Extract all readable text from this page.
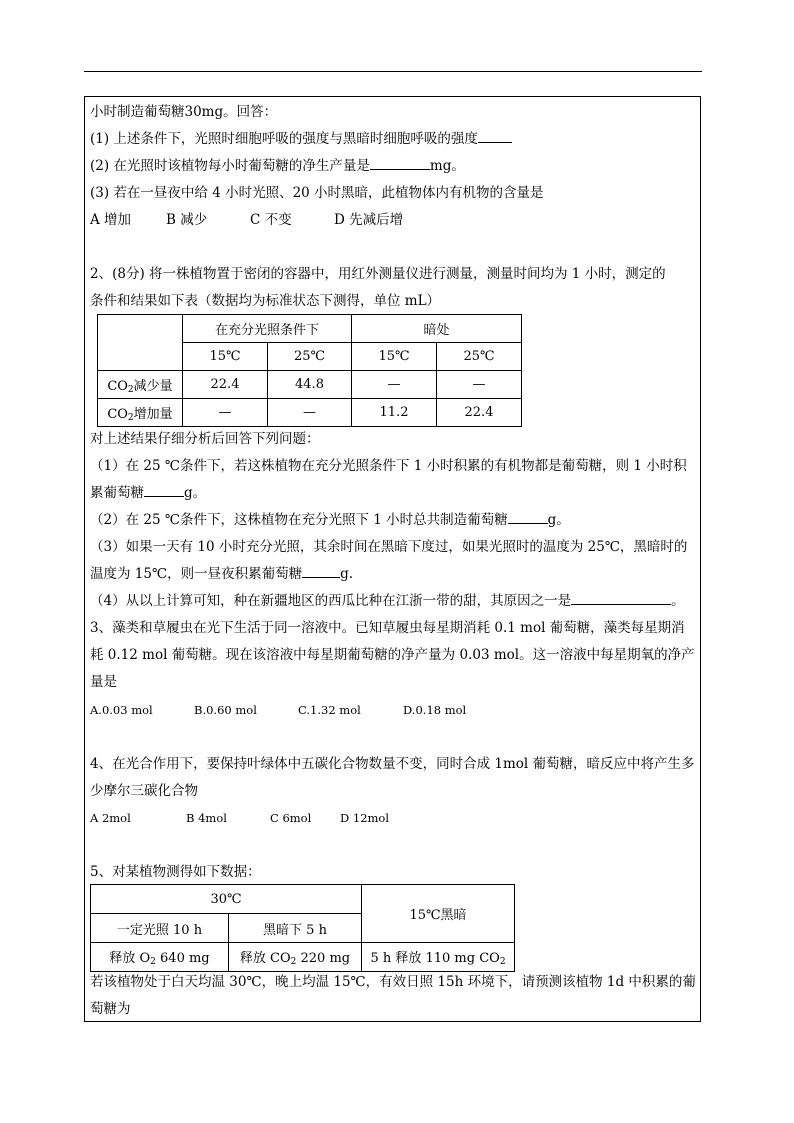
小时制造葡萄糖30mg。回答：
(1) 上述条件下，光照时细胞呼吸的强度与黑暗时细胞呼吸的强度
(2) 在光照时该植物每小时葡萄糖的净生产量是	mg。
(3) 若在一昼夜中给 4 小时光照、20 小时黑暗，此植物体内有机物的含量是
A 增加	B 减少	C 不变	D 先减后增
2、(8分) 将一株植物置于密闭的容器中，用红外测量仪进行测量，测量时间均为 1 小时，测定的
条件和结果如下表（数据均为标准状态下测得，单位 mL）
	在充分光照条件下		暗处	
	15℃	25℃	15℃	25℃
$CO_2$减少量	22.4	44.8	—	—
$CO_2$增加量	—	—	11.2	22.4
对上述结果仔细分析后回答下列问题：
（1）在 25 ℃条件下，若这株植物在充分光照条件下 1 小时积累的有机物都是葡萄糖，则 1 小时积
累葡萄糖	g。
（2）在 25 ℃条件下，这株植物在充分光照下 1 小时总共制造葡萄糖	g。
（3）如果一天有 10 小时充分光照，其余时间在黑暗下度过，如果光照时的温度为 25℃，黑暗时的
温度为 15℃，则一昼夜积累葡萄糖	g.
（4）从以上计算可知，种在新疆地区的西瓜比种在江浙一带的甜，其原因之一是	。
3、藻类和草履虫在光下生活于同一溶液中。已知草履虫每星期消耗 0.1 mol 葡萄糖，藻类每星期消
耗 0.12 mol 葡萄糖。现在该溶液中每星期葡萄糖的净产量为 0.03 mol。这一溶液中每星期氧的净产
量是
A.0.03 mol	B.0.60 mol	C.1.32 mol	D.0.18 mol
4、在光合作用下，要保持叶绿体中五碳化合物数量不变，同时合成 1mol 葡萄糖，暗反应中将产生多
少摩尔三碳化合物
A 2mol	B 4mol	C 6mol D 12mol
5、对某植物测得如下数据：
30℃		15℃黑暗
一定光照 10 h	黑暗下 5 h	
释放 $O_2$ 640 mg	释放 $CO_2$ 220 mg	5 h 释放 110 mg $CO_2$
若该植物处于白天均温 30℃，晚上均温 15℃，有效日照 15h 环境下，请预测该植物 1d 中积累的葡
萄糖为
